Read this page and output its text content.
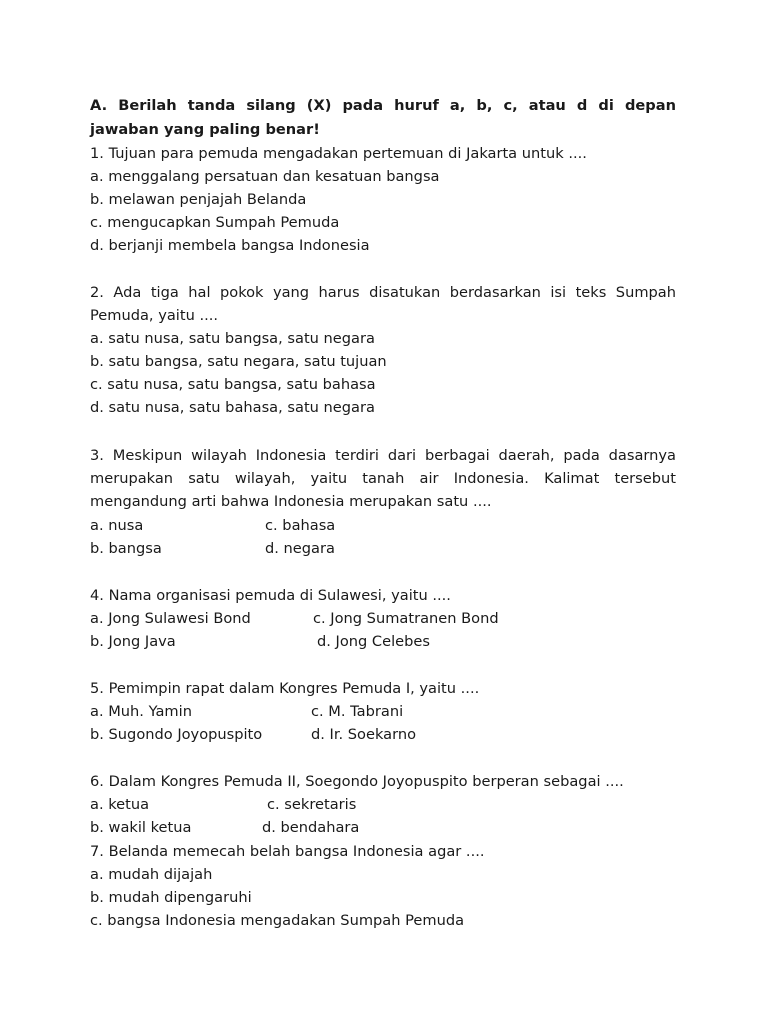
A. Berilah tanda silang (X) pada huruf a, b, c, atau d di depan
jawaban yang paling benar!
1. Tujuan para pemuda mengadakan pertemuan di Jakarta untuk ....
a. menggalang persatuan dan kesatuan bangsa
b. melawan penjajah Belanda
c. mengucapkan Sumpah Pemuda
d. berjanji membela bangsa Indonesia
2. Ada tiga hal pokok yang harus disatukan berdasarkan isi teks Sumpah
Pemuda, yaitu ....
a. satu nusa, satu bangsa, satu negara
b. satu bangsa, satu negara, satu tujuan
c. satu nusa, satu bangsa, satu bahasa
d. satu nusa, satu bahasa, satu negara
3. Meskipun wilayah Indonesia terdiri dari berbagai daerah, pada dasarnya
merupakan satu wilayah, yaitu tanah air Indonesia. Kalimat tersebut
mengandung arti bahwa Indonesia merupakan satu ....
a. nusa	c. bahasa
b. bangsa	d. negara
4. Nama organisasi pemuda di Sulawesi, yaitu ....
a. Jong Sulawesi Bond	c. Jong Sumatranen Bond
b. Jong Java	d. Jong Celebes
5. Pemimpin rapat dalam Kongres Pemuda I, yaitu ....
a. Muh. Yamin	c. M. Tabrani
b. Sugondo Joyopuspito	d. Ir. Soekarno
6. Dalam Kongres Pemuda II, Soegondo Joyopuspito berperan sebagai ....
a. ketua	c. sekretaris
b. wakil ketua	d. bendahara
7. Belanda memecah belah bangsa Indonesia agar ....
a. mudah dijajah
b. mudah dipengaruhi
c. bangsa Indonesia mengadakan Sumpah Pemuda
